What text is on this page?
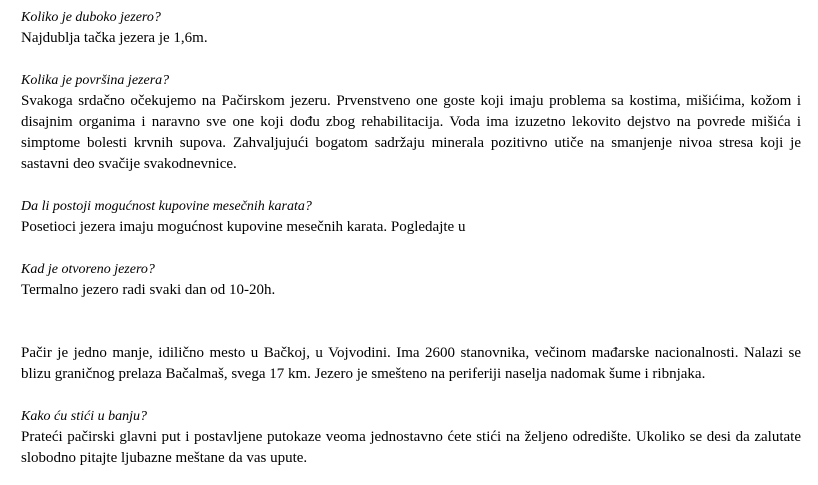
Koliko je duboko jezero?

Najdublja tačka jezera je 1,6m.

Kolika je površina jezera?

Svakoga srdačno očekujemo na Pačirskom jezeru. Prvenstveno one goste koji imaju problema sa kostima, mišićima, kožom i disajnim organima i naravno sve one koji dođu zbog rehabilitacija. Voda ima izuzetno lekovito dejstvo na povrede mišića i simptome bolesti krvnih supova. Zahvaljujući bogatom sadržaju minerala pozitivno utiče na smanjenje nivoa stresa koji je sastavni deo svačije svakodnevnice.

Da li postoji mogućnost kupovine mesečnih karata?

Posetioci jezera imaju mogućnost kupovine mesečnih karata. Pogledajte u

Kad je otvoreno jezero?

Termalno jezero radi svaki dan od 10-20h.

Pačir je jedno manje, idilično mesto u Bačkoj, u Vojvodini. Ima 2600 stanovnika, večinom mađarske nacionalnosti. Nalazi se blizu graničnog prelaza Bačalmaš, svega 17 km. Jezero je smešteno na periferiji naselja nadomak šume i ribnjaka.

Kako ću stići u banju?

Prateći pačirski glavni put i postavljene putokaze veoma jednostavno ćete stići na željeno odredište. Ukoliko se desi da zalutate slobodno pitajte ljubazne meštane da vas upute.
